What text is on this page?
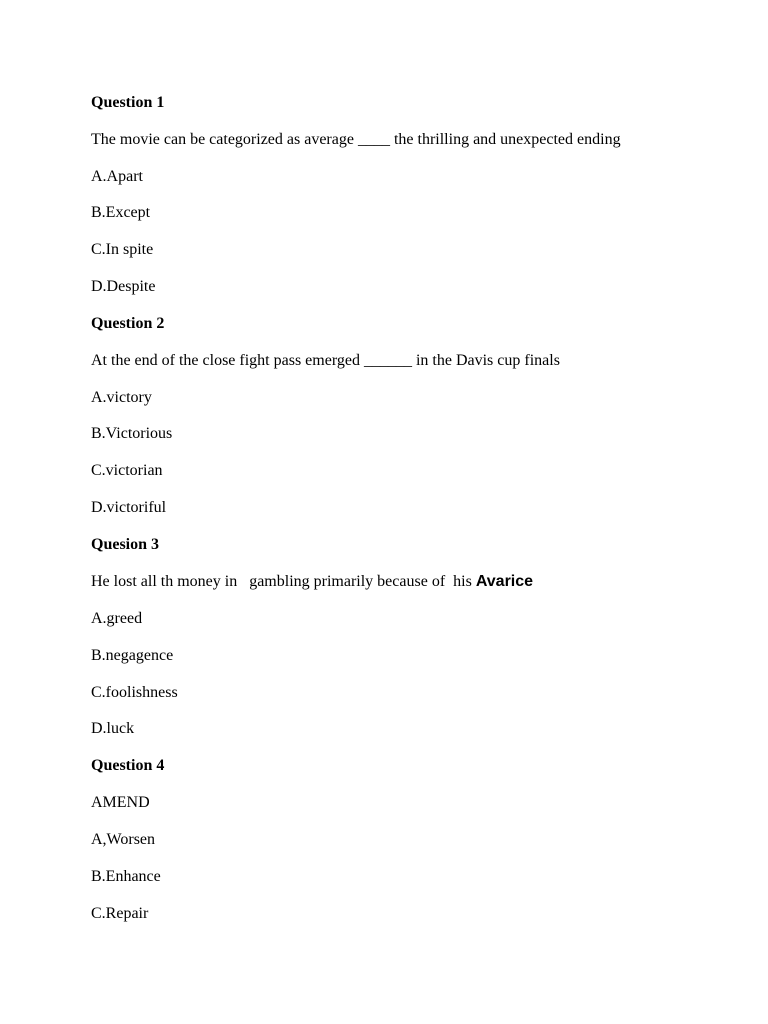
Question 1
The movie can be categorized as average ____ the thrilling and unexpected ending
A.Apart
B.Except
C.In spite
D.Despite
Question 2
At the end of the close fight pass emerged ______ in the Davis cup finals
A.victory
B.Victorious
C.victorian
D.victoriful
Quesion 3
He lost all th money in   gambling primarily because of  his Avarice
A.greed
B.negagence
C.foolishness
D.luck
Question 4
AMEND
A,Worsen
B.Enhance
C.Repair
